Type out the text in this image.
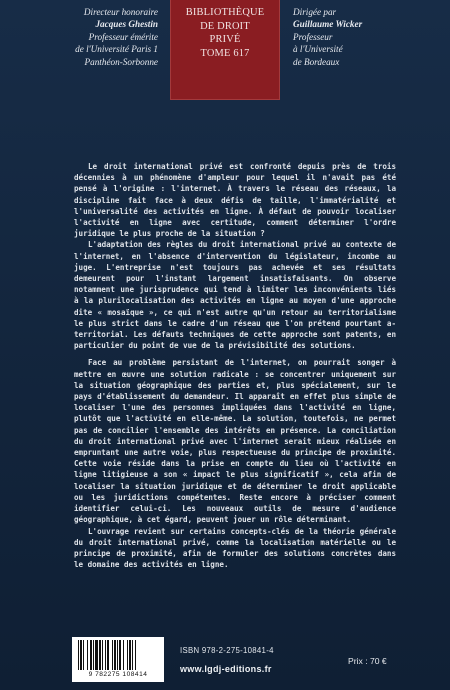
Directeur honoraire
Jacques Ghestin
Professeur émérite
de l'Université Paris 1
Panthéon-Sorbonne
BIBLIOTHÈQUE
DE DROIT
PRIVÉ
TOME 617
Dirigée par
Guillaume Wicker
Professeur
à l'Université
de Bordeaux

Le droit international privé est confronté depuis près de trois décennies à un phénomène d'ampleur pour lequel il n'avait pas été pensé à l'origine : l'internet. À travers le réseau des réseaux, la discipline fait face à deux défis de taille, l'immatérialité et l'universalité des activités en ligne. À défaut de pouvoir localiser l'activité en ligne avec certitude, comment déterminer l'ordre juridique le plus proche de la situation ?

L'adaptation des règles du droit international privé au contexte de l'internet, en l'absence d'intervention du législateur, incombe au juge. L'entreprise n'est toujours pas achevée et ses résultats demeurent pour l'instant largement insatisfaisants. On observe notamment une jurisprudence qui tend à limiter les inconvénients liés à la plurilocalisation des activités en ligne au moyen d'une approche dite « mosaïque », ce qui n'est autre qu'un retour au territorialisme le plus strict dans le cadre d'un réseau que l'on prétend pourtant a-territorial. Les défauts techniques de cette approche sont patents, en particulier du point de vue de la prévisibilité des solutions.

Face au problème persistant de l'internet, on pourrait songer à mettre en œuvre une solution radicale : se concentrer uniquement sur la situation géographique des parties et, plus spécialement, sur le pays d'établissement du demandeur. Il apparaît en effet plus simple de localiser l'une des personnes impliquées dans l'activité en ligne, plutôt que l'activité en elle-même. La solution, toutefois, ne permet pas de concilier l'ensemble des intérêts en présence. La conciliation du droit international privé avec l'internet serait mieux réalisée en empruntant une autre voie, plus respectueuse du principe de proximité. Cette voie réside dans la prise en compte du lieu où l'activité en ligne litigieuse a son « impact le plus significatif », cela afin de localiser la situation juridique et de déterminer le droit applicable ou les juridictions compétentes. Reste encore à préciser comment identifier celui-ci. Les nouveaux outils de mesure d'audience géographique, à cet égard, peuvent jouer un rôle déterminant.

L'ouvrage revient sur certains concepts-clés de la théorie générale du droit international privé, comme la localisation matérielle ou le principe de proximité, afin de formuler des solutions concrètes dans le domaine des activités en ligne.

9 782275 108414
ISBN 978-2-275-10841-4
www.lgdj-editions.fr
Prix : 70 €
